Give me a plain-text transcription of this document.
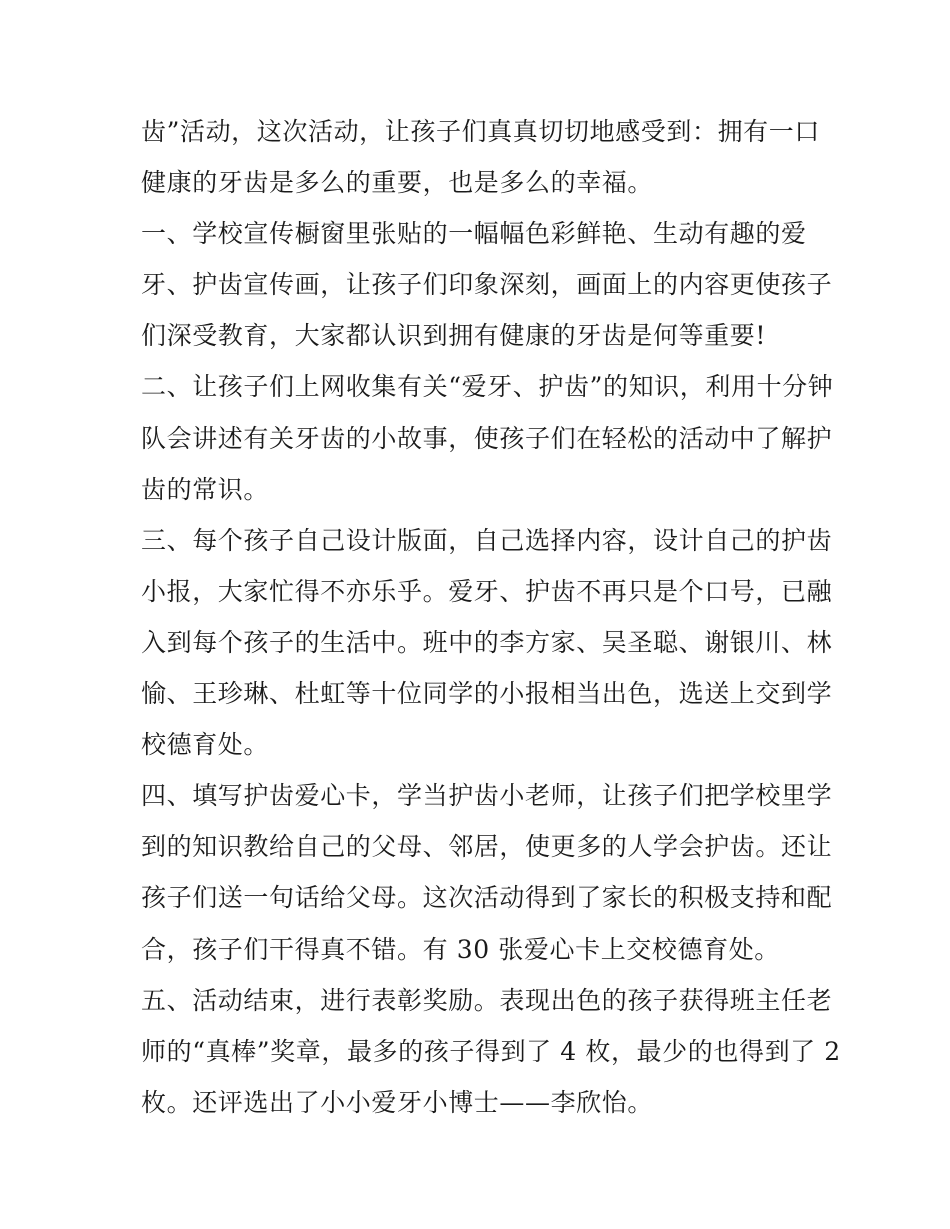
齿”活动，这次活动，让孩子们真真切切地感受到：拥有一口
健康的牙齿是多么的重要，也是多么的幸福。
一、学校宣传橱窗里张贴的一幅幅色彩鲜艳、生动有趣的爱
牙、护齿宣传画，让孩子们印象深刻，画面上的内容更使孩子
们深受教育，大家都认识到拥有健康的牙齿是何等重要!
二、让孩子们上网收集有关“爱牙、护齿”的知识，利用十分钟
队会讲述有关牙齿的小故事，使孩子们在轻松的活动中了解护
齿的常识。
三、每个孩子自己设计版面，自己选择内容，设计自己的护齿
小报，大家忙得不亦乐乎。爱牙、护齿不再只是个口号，已融
入到每个孩子的生活中。班中的李方家、吴圣聪、谢银川、林
愉、王珍琳、杜虹等十位同学的小报相当出色，选送上交到学
校德育处。
四、填写护齿爱心卡，学当护齿小老师，让孩子们把学校里学
到的知识教给自己的父母、邻居，使更多的人学会护齿。还让
孩子们送一句话给父母。这次活动得到了家长的积极支持和配
合，孩子们干得真不错。有 30 张爱心卡上交校德育处。
五、活动结束，进行表彰奖励。表现出色的孩子获得班主任老
师的“真棒”奖章，最多的孩子得到了 4 枚，最少的也得到了 2
枚。还评选出了小小爱牙小博士——李欣怡。
